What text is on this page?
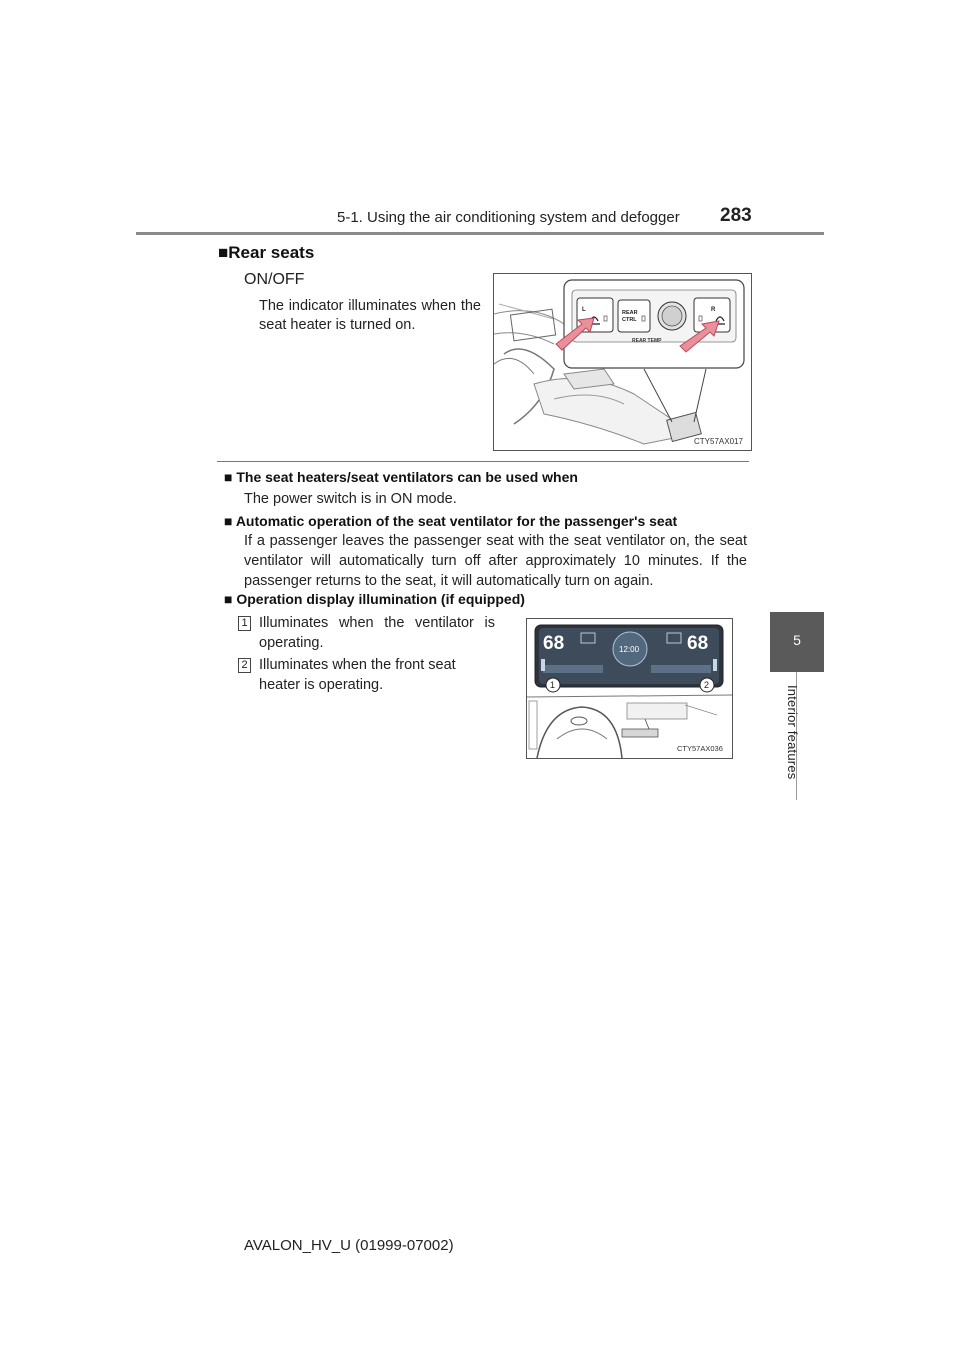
5-1. Using the air conditioning system and defogger 283
5
Interior features
■Rear seats
ON/OFF
The indicator illuminates when the seat heater is turned on.
L	REAR
CTRL
REAR TEMP
R
CTY57AX017
■ The seat heaters/seat ventilators can be used when
The power switch is in ON mode.
■ Automatic operation of the seat ventilator for the passenger's seat
If a passenger leaves the passenger seat with the seat ventilator on, the seat ventilator will automatically turn off after approximately 10 minutes. If the passenger returns to the seat, it will automatically turn on again.
■ Operation display illumination (if equipped)
1 Illuminates when the ventilator is operating.
2 Illuminates when the front seat heater is operating.
68	68
12:00
1	2
CTY57AX036
AVALON_HV_U (01999-07002)
